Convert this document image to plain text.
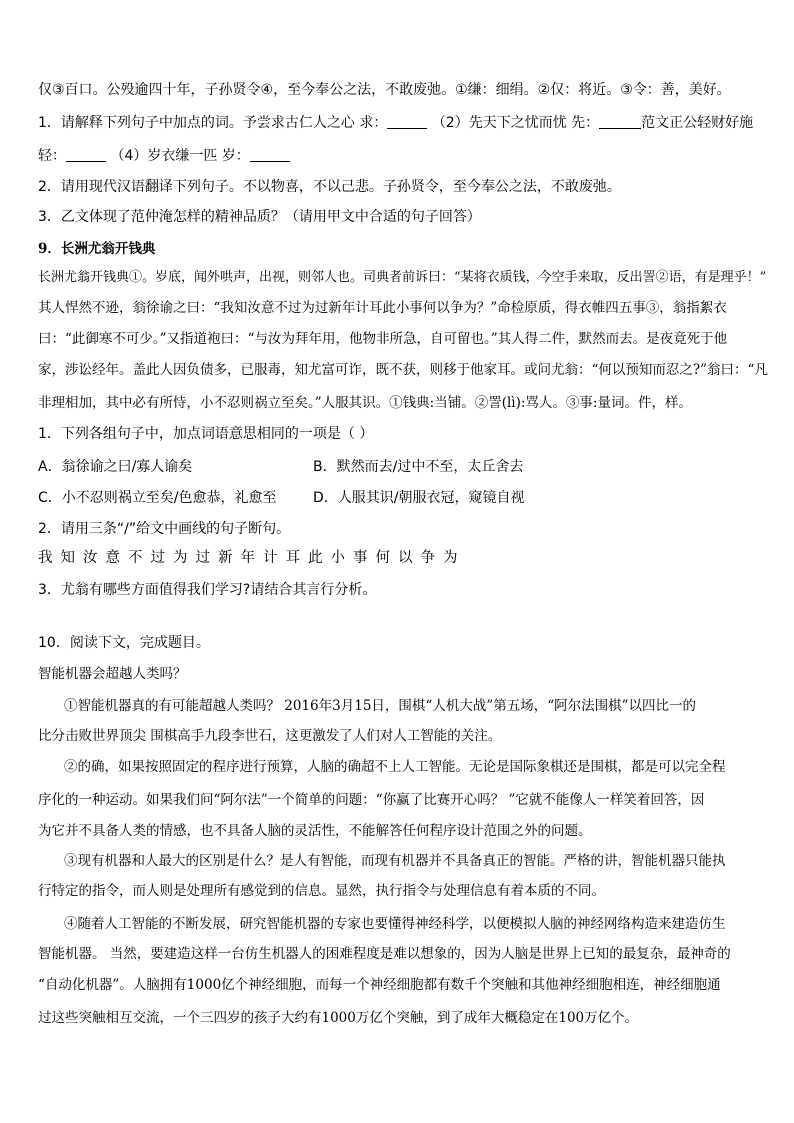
仅③百口。公殁逾四十年，子孙贤令④，至今奉公之法，不敢废弛。①缣：细绢。②仅：将近。③令：善，美好。
1．请解释下列句子中加点的词。予尝求古仁人之心 求：	（2）先天下之忧而忧 先：	范文正公轻财好施
轻：	（4）岁衣缣一匹 岁：
2．请用现代汉语翻译下列句子。不以物喜，不以己悲。子孙贤令，至今奉公之法，不敢废弛。
3．乙文体现了范仲淹怎样的精神品质？（请用甲文中合适的句子回答）
9．长洲尤翁开钱典
长洲尤翁开钱典①。岁底，闻外哄声，出视，则邻人也。司典者前诉曰：“某将衣质钱，今空手来取，反出詈②语，有是理乎！”
其人悍然不逊，翁徐谕之曰：“我知汝意不过为过新年计耳此小事何以争为？”命检原质，得衣帷四五事③，翁指絮衣
曰：“此御寒不可少。”又指道袍曰：“与汝为拜年用，他物非所急，自可留也。”其人得二件，默然而去。是夜竟死于他
家，涉讼经年。盖此人因负债多，已服毒，知尤富可诈，既不获，则移于他家耳。或问尤翁：“何以预知而忍之?”翁曰：“凡
非理相加，其中必有所恃，小不忍则祸立至矣。”人服其识。①钱典:当铺。②詈(lì):骂人。③事:量词。件，样。
1．下列各组句子中，加点词语意思相同的一项是（ ）
A．翁徐谕之曰/寡人谕矣	B．默然而去/过中不至，太丘舍去
C．小不忍则祸立至矣/色愈恭，礼愈至	D．人服其识/朝服衣冠，窥镜自视
2．请用三条“/”给文中画线的句子断句。
我知汝意不过为过新年计耳此小事何以争为
3．尤翁有哪些方面值得我们学习?请结合其言行分析。
10．阅读下文，完成题目。
智能机器会超越人类吗？
①智能机器真的有可能超越人类吗？ 2016年3月15日，围棋“人机大战”第五场，“阿尔法围棋”以四比一的
比分击败世界顶尖 围棋高手九段李世石，这更激发了人们对人工智能的关注。
②的确，如果按照固定的程序进行预算，人脑的确超不上人工智能。无论是国际象棋还是围棋，都是可以完全程
序化的一种运动。如果我们问“阿尔法”一个简单的问题：“你赢了比赛开心吗？ ”它就不能像人一样笑着回答，因
为它并不具备人类的情感，也不具备人脑的灵活性，不能解答任何程序设计范围之外的问题。
③现有机器和人最大的区别是什么？是人有智能，而现有机器并不具备真正的智能。严格的讲，智能机器只能执
行特定的指令，而人则是处理所有感觉到的信息。显然，执行指令与处理信息有着本质的不同。
④随着人工智能的不断发展，研究智能机器的专家也要懂得神经科学，以便模拟人脑的神经网络构造来建造仿生
智能机器。 当然，要建造这样一台仿生机器人的困难程度是难以想象的，因为人脑是世界上已知的最复杂，最神奇的
“自动化机器”。人脑拥有1000亿个神经细胞，而每一个神经细胞都有数千个突触和其他神经细胞相连，神经细胞通
过这些突触相互交流，一个三四岁的孩子大约有1000万亿个突触，到了成年大概稳定在100万亿个。
